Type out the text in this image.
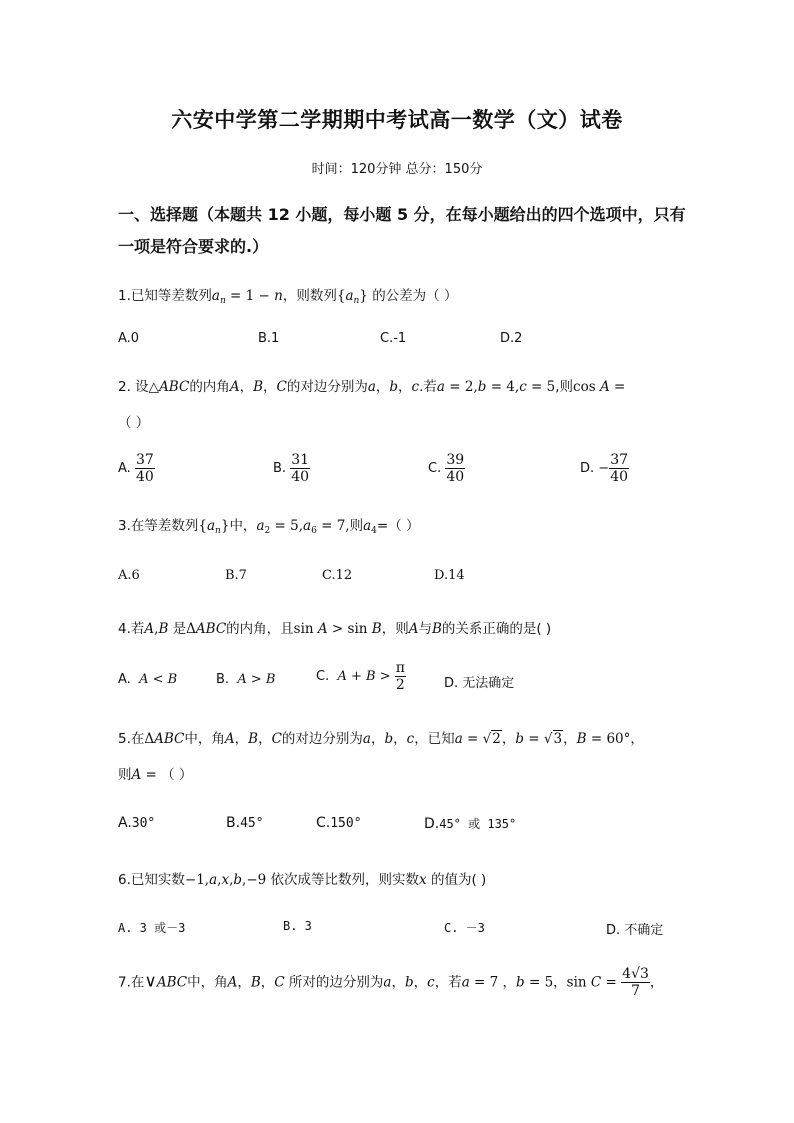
六安中学第二学期期中考试高一数学（文）试卷
时间：120分钟 总分：150分
一、选择题（本题共 12 小题，每小题 5 分，在每小题给出的四个选项中，只有
一项是符合要求的.）
1.已知等差数列$a_n = 1 - n$，则数列$\{a_n\}$ 的公差为（ ）
A.0	B.1	C.-1	D.2
2. 设△ABC的内角A，B，C的对边分别为a，b，c.若a = 2,b = 4,c = 5,则cos A =
（ ）
A. $\frac{37}{40}$	B. $\frac{31}{40}$	C. $\frac{39}{40}$	D. − $\frac{37}{40}$
3.在等差数列$\{a_n\}$中，$a_2 = 5,a_6 = 7$,则$a_4=$（ ）
A.6	B.7	C.12	D.14
4.若A,B 是ΔABC的内角，且sin A > sin B，则A与B的关系正确的是( )
A. A < B	B. A > B	C. $A + B > \frac{\pi}{2}$	D. 无法确定
5.在ΔABC中，角A，B，C的对边分别为a，b，c，已知a = √2，b = √3，B = 60°，
则A = （ ）
A.30°	B.45°	C.150°	D.45° 或 135°
6.已知实数−1,a,x,b,−9 依次成等比数列，则实数x 的值为( )
A. 3 或－3	B. 3	C. －3	D. 不确定
7.在∨ABC中，角A，B，C 所对的边分别为a，b，c，若a = 7 ，b = 5，$\sin C = \frac{4√3}{7}$ ，
